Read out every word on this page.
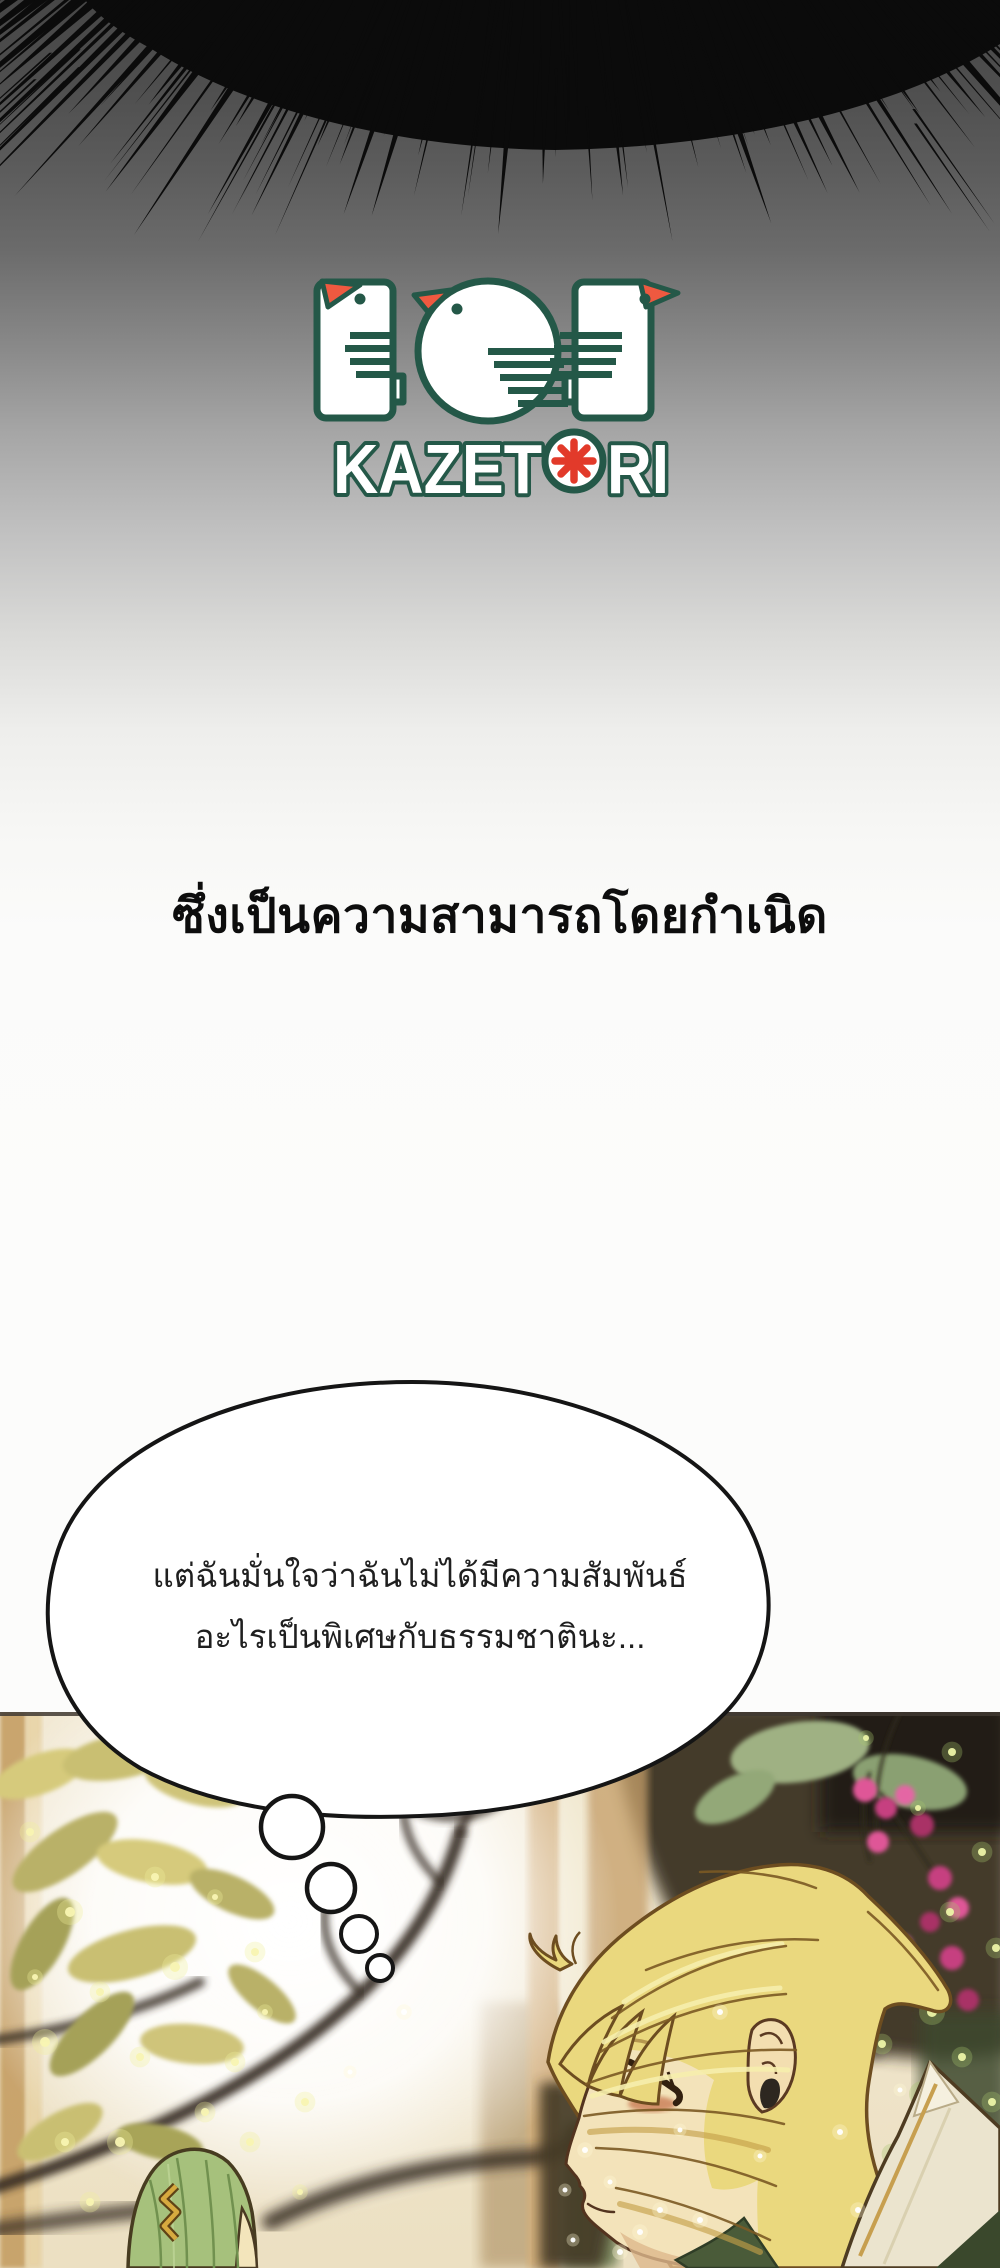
KAZET RI
ซึ่งเป็นความสามารถโดยกำเนิด
แต่ฉันมั่นใจว่าฉันไม่ได้มีความสัมพันธ์
อะไรเป็นพิเศษกับธรรมชาตินะ...
